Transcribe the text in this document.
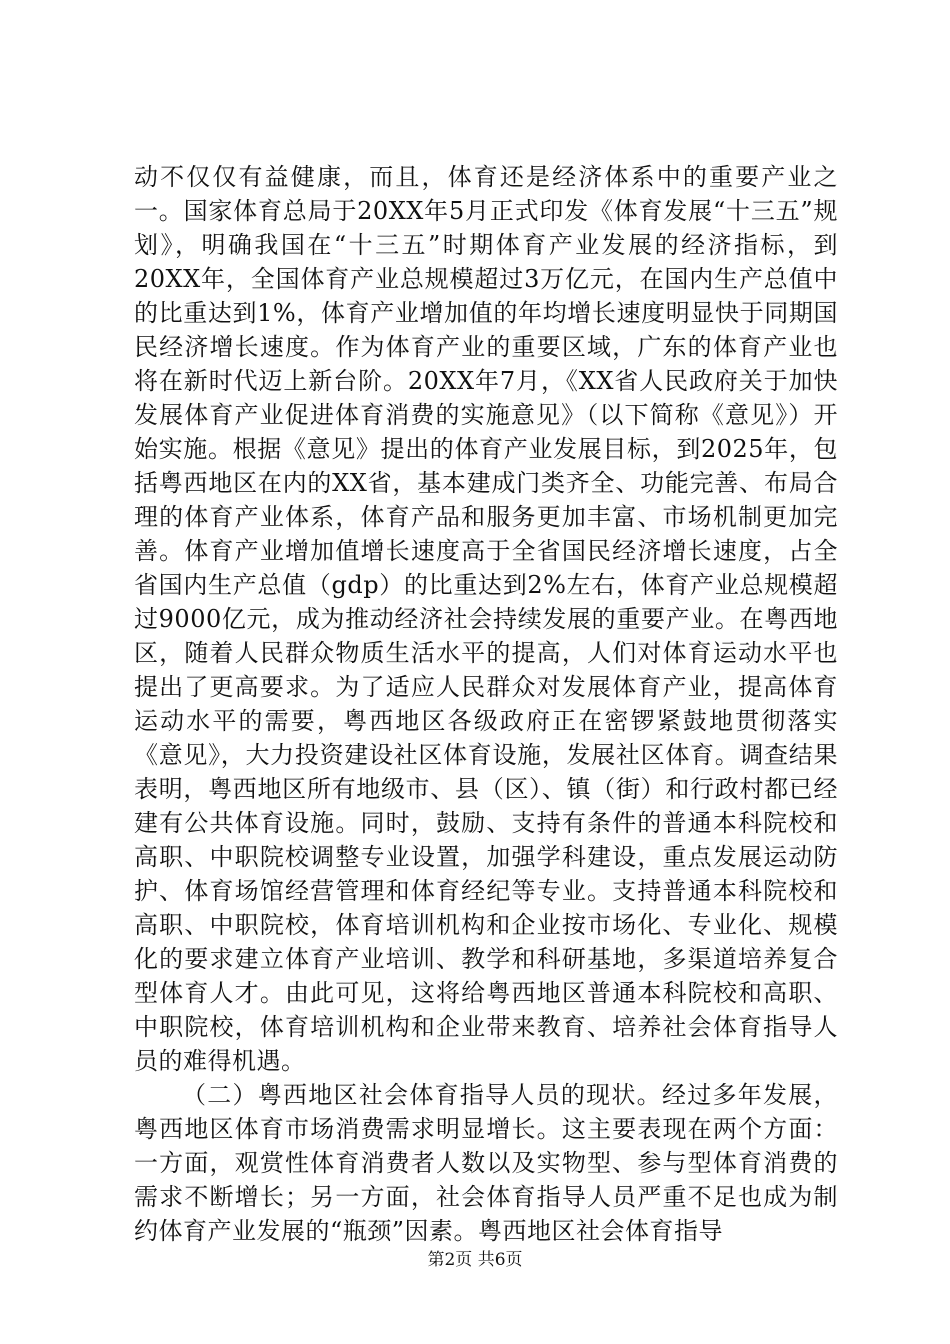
动不仅仅有益健康，而且，体育还是经济体系中的重要产业之一。国家体育总局于20XX年5月正式印发《体育发展“十三五”规划》，明确我国在“十三五”时期体育产业发展的经济指标，到20XX年，全国体育产业总规模超过3万亿元，在国内生产总值中的比重达到1%，体育产业增加值的年均增长速度明显快于同期国民经济增长速度。作为体育产业的重要区域，广东的体育产业也将在新时代迈上新台阶。20XX年7月，《XX省人民政府关于加快发展体育产业促进体育消费的实施意见》（以下简称《意见》）开始实施。根据《意见》提出的体育产业发展目标，到2025年，包括粤西地区在内的XX省，基本建成门类齐全、功能完善、布局合理的体育产业体系，体育产品和服务更加丰富、市场机制更加完善。体育产业增加值增长速度高于全省国民经济增长速度，占全省国内生产总值（gdp）的比重达到2%左右，体育产业总规模超过9000亿元，成为推动经济社会持续发展的重要产业。在粤西地区，随着人民群众物质生活水平的提高，人们对体育运动水平也提出了更高要求。为了适应人民群众对发展体育产业，提高体育运动水平的需要，粤西地区各级政府正在密锣紧鼓地贯彻落实《意见》，大力投资建设社区体育设施，发展社区体育。调查结果表明，粤西地区所有地级市、县（区）、镇（街）和行政村都已经建有公共体育设施。同时，鼓励、支持有条件的普通本科院校和高职、中职院校调整专业设置，加强学科建设，重点发展运动防护、体育场馆经营管理和体育经纪等专业。支持普通本科院校和高职、中职院校，体育培训机构和企业按市场化、专业化、规模化的要求建立体育产业培训、教学和科研基地，多渠道培养复合型体育人才。由此可见，这将给粤西地区普通本科院校和高职、中职院校，体育培训机构和企业带来教育、培养社会体育指导人员的难得机遇。

（二）粤西地区社会体育指导人员的现状。经过多年发展，粤西地区体育市场消费需求明显增长。这主要表现在两个方面：一方面，观赏性体育消费者人数以及实物型、参与型体育消费的需求不断增长；另一方面，社会体育指导人员严重不足也成为制约体育产业发展的“瓶颈”因素。粤西地区社会体育指导

第2页 共6页
